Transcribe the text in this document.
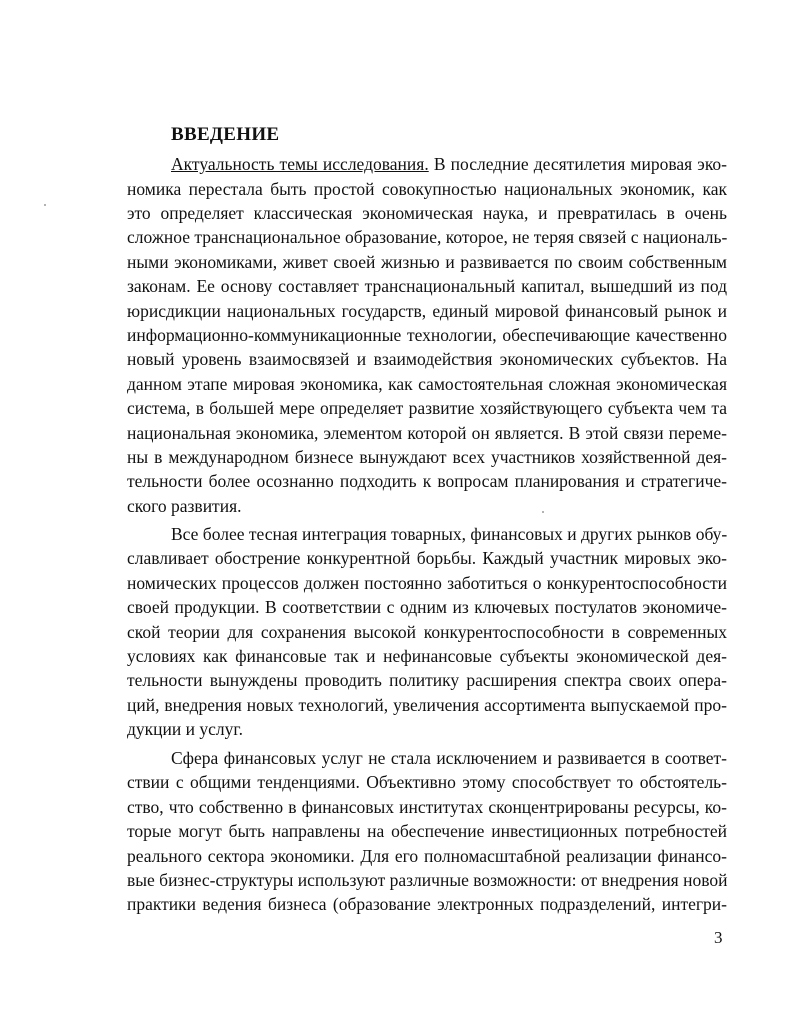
ВВЕДЕНИЕ
Актуальность темы исследования. В последние десятилетия мировая эко-
номика перестала быть простой совокупностью национальных экономик, как
это определяет классическая экономическая наука, и превратилась в очень
сложное транснациональное образование, которое, не теряя связей с националь-
ными экономиками, живет своей жизнью и развивается по своим собственным
законам. Ее основу составляет транснациональный капитал, вышедший из под
юрисдикции национальных государств, единый мировой финансовый рынок и
информационно-коммуникационные технологии, обеспечивающие качественно
новый уровень взаимосвязей и взаимодействия экономических субъектов. На
данном этапе мировая экономика, как самостоятельная сложная экономическая
система, в большей мере определяет развитие хозяйствующего субъекта чем та
национальная экономика, элементом которой он является. В этой связи переме-
ны в международном бизнесе вынуждают всех участников хозяйственной дея-
тельности более осознанно подходить к вопросам планирования и стратегиче-
ского развития.
Все более тесная интеграция товарных, финансовых и других рынков обу-
славливает обострение конкурентной борьбы. Каждый участник мировых эко-
номических процессов должен постоянно заботиться о конкурентоспособности
своей продукции. В соответствии с одним из ключевых постулатов экономиче-
ской теории для сохранения высокой конкурентоспособности в современных
условиях как финансовые так и нефинансовые субъекты экономической дея-
тельности вынуждены проводить политику расширения спектра своих опера-
ций, внедрения новых технологий, увеличения ассортимента выпускаемой про-
дукции и услуг.
Сфера финансовых услуг не стала исключением и развивается в соответ-
ствии с общими тенденциями. Объективно этому способствует то обстоятель-
ство, что собственно в финансовых институтах сконцентрированы ресурсы, ко-
торые могут быть направлены на обеспечение инвестиционных потребностей
реального сектора экономики. Для его полномасштабной реализации финансо-
вые бизнес-структуры используют различные возможности: от внедрения новой
практики ведения бизнеса (образование электронных подразделений, интегри-
3
